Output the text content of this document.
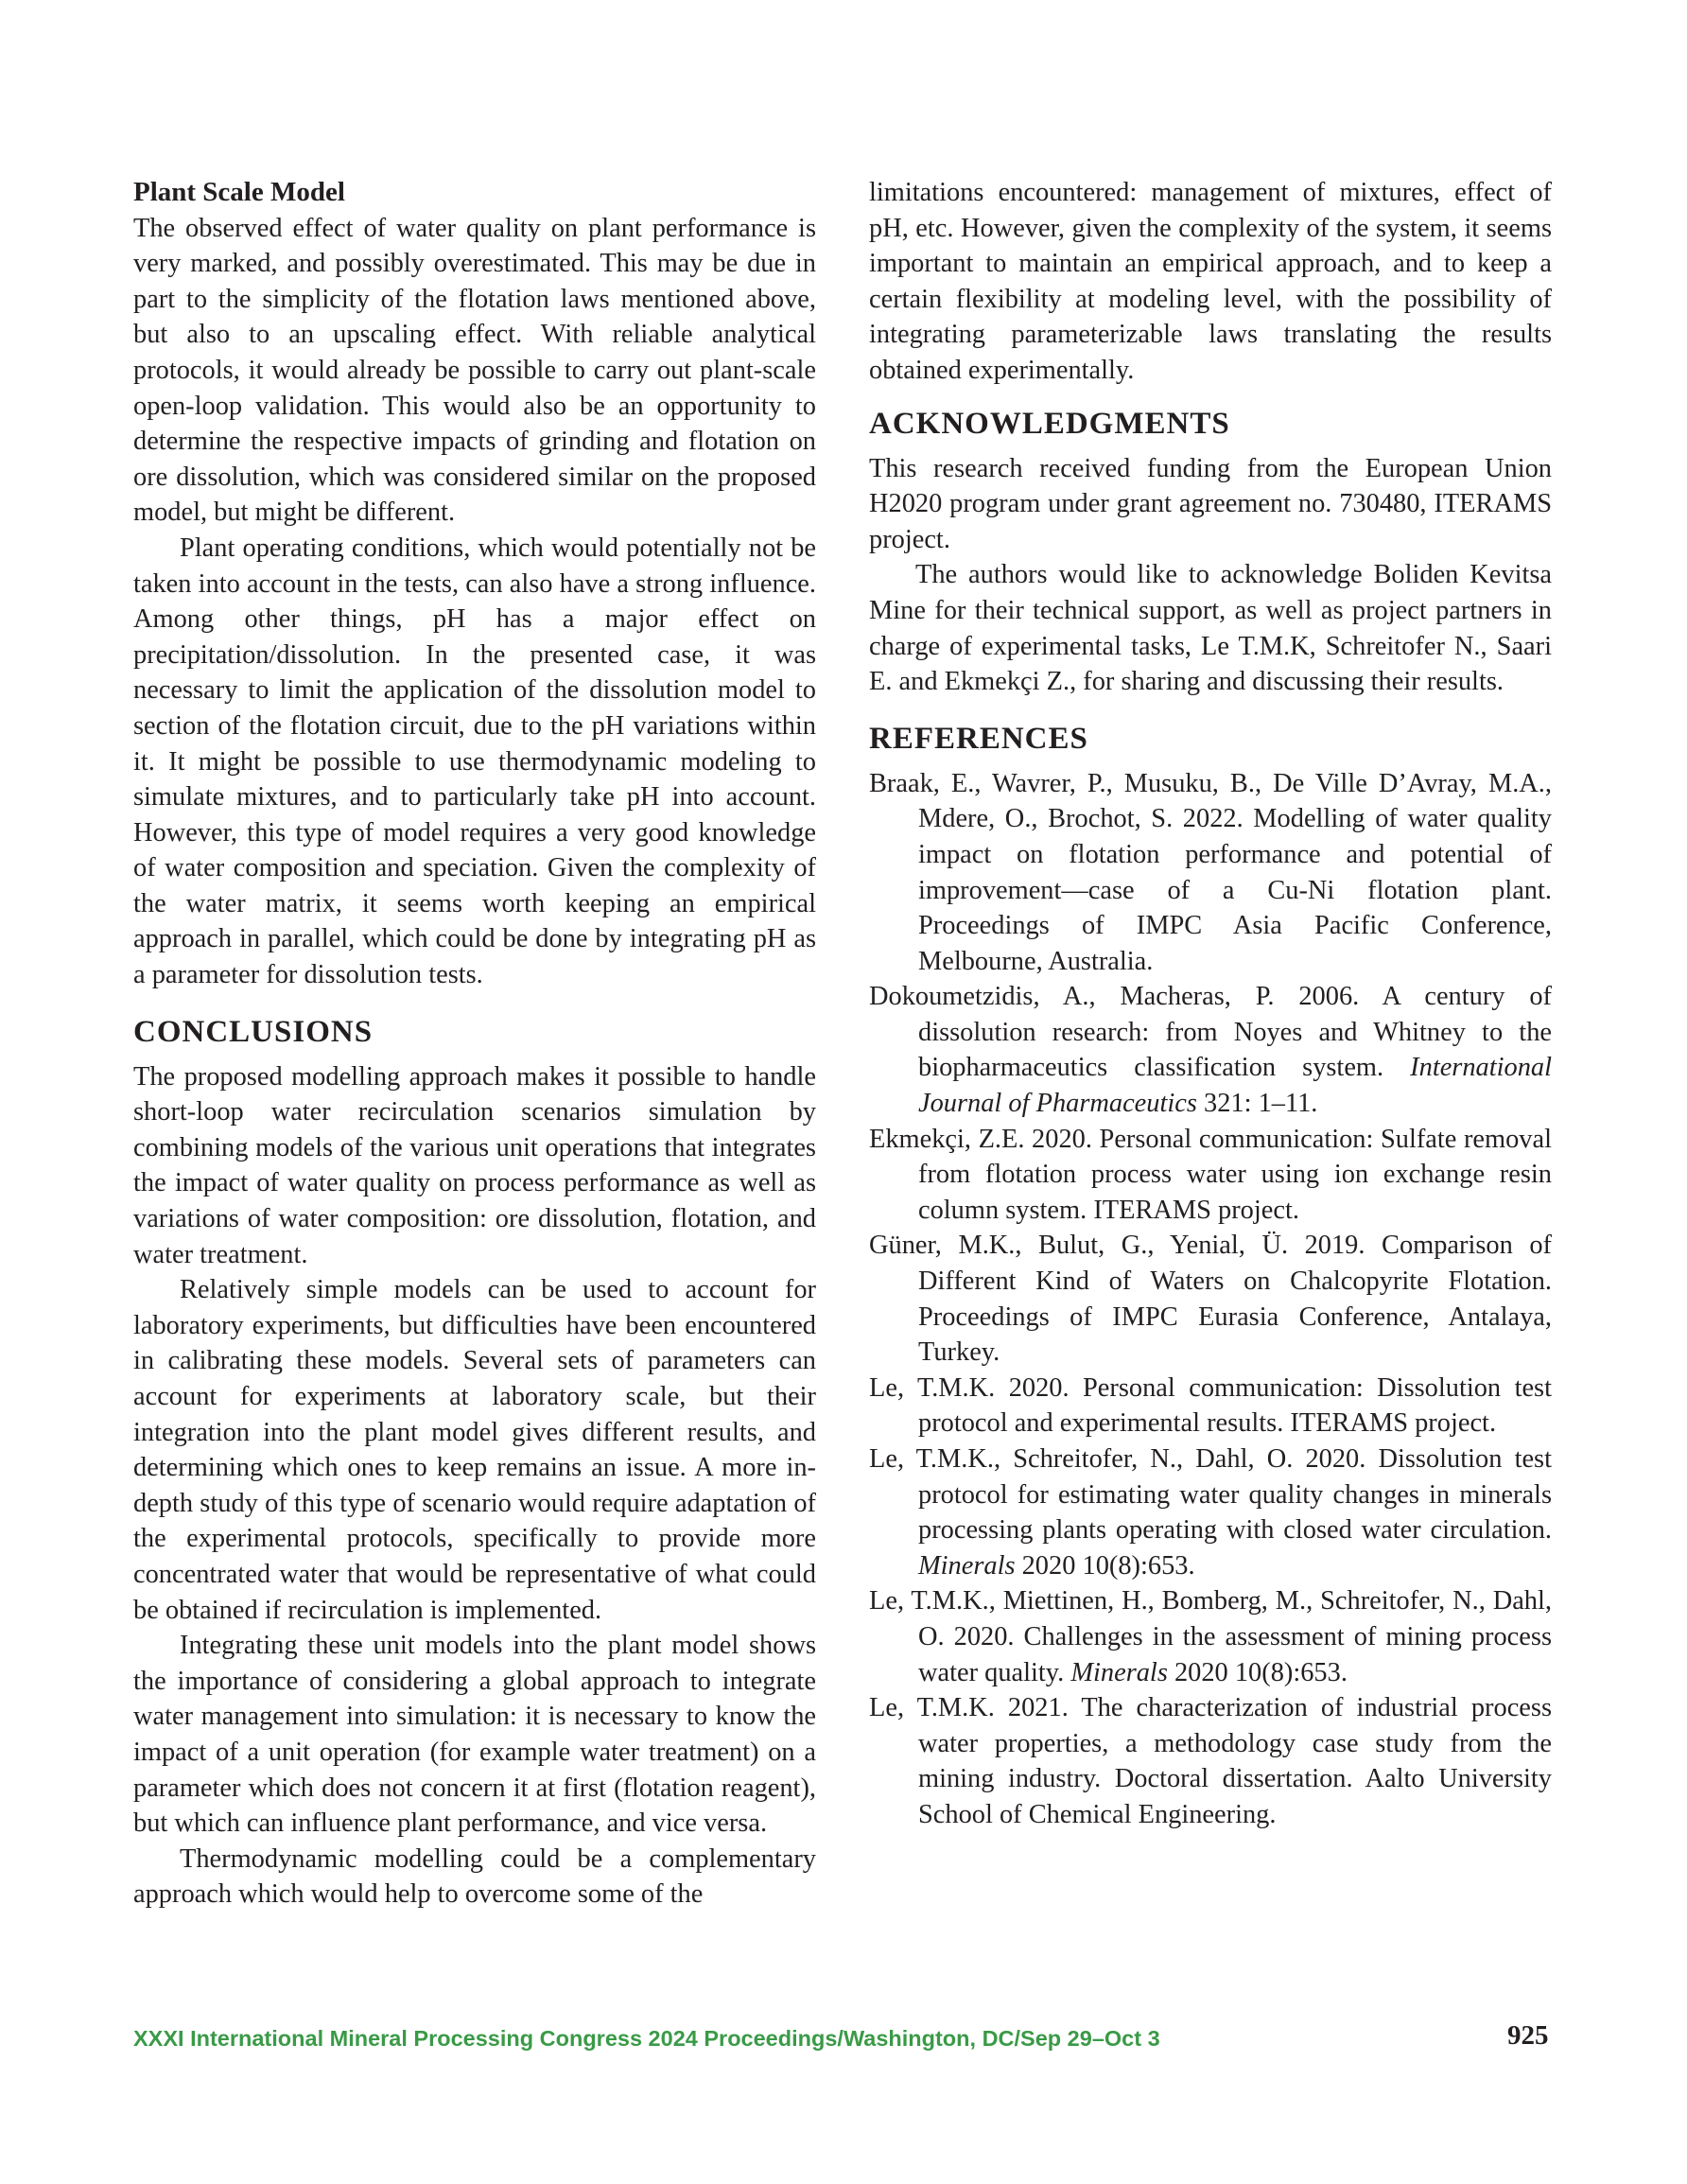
Plant Scale Model

The observed effect of water quality on plant performance is very marked, and possibly overestimated. This may be due in part to the simplicity of the flotation laws mentioned above, but also to an upscaling effect. With reliable analytical protocols, it would already be possible to carry out plant-scale open-loop validation. This would also be an opportunity to determine the respective impacts of grinding and flotation on ore dissolution, which was considered similar on the proposed model, but might be different.

Plant operating conditions, which would potentially not be taken into account in the tests, can also have a strong influence. Among other things, pH has a major effect on precipitation/dissolution. In the presented case, it was necessary to limit the application of the dissolution model to section of the flotation circuit, due to the pH variations within it. It might be possible to use thermodynamic modeling to simulate mixtures, and to particularly take pH into account. However, this type of model requires a very good knowledge of water composition and speciation. Given the complexity of the water matrix, it seems worth keeping an empirical approach in parallel, which could be done by integrating pH as a parameter for dissolution tests.

CONCLUSIONS

The proposed modelling approach makes it possible to handle short-loop water recirculation scenarios simulation by combining models of the various unit operations that integrates the impact of water quality on process performance as well as variations of water composition: ore dissolution, flotation, and water treatment.

Relatively simple models can be used to account for laboratory experiments, but difficulties have been encountered in calibrating these models. Several sets of parameters can account for experiments at laboratory scale, but their integration into the plant model gives different results, and determining which ones to keep remains an issue. A more in-depth study of this type of scenario would require adaptation of the experimental protocols, specifically to provide more concentrated water that would be representative of what could be obtained if recirculation is implemented.

Integrating these unit models into the plant model shows the importance of considering a global approach to integrate water management into simulation: it is necessary to know the impact of a unit operation (for example water treatment) on a parameter which does not concern it at first (flotation reagent), but which can influence plant performance, and vice versa.

Thermodynamic modelling could be a complementary approach which would help to overcome some of the

limitations encountered: management of mixtures, effect of pH, etc. However, given the complexity of the system, it seems important to maintain an empirical approach, and to keep a certain flexibility at modeling level, with the possibility of integrating parameterizable laws translating the results obtained experimentally.

ACKNOWLEDGMENTS

This research received funding from the European Union H2020 program under grant agreement no. 730480, ITERAMS project.

The authors would like to acknowledge Boliden Kevitsa Mine for their technical support, as well as project partners in charge of experimental tasks, Le T.M.K, Schreitofer N., Saari E. and Ekmekçi Z., for sharing and discussing their results.

REFERENCES

Braak, E., Wavrer, P., Musuku, B., De Ville D’Avray, M.A., Mdere, O., Brochot, S. 2022. Modelling of water quality impact on flotation performance and potential of improvement—case of a Cu-Ni flotation plant. Proceedings of IMPC Asia Pacific Conference, Melbourne, Australia.

Dokoumetzidis, A., Macheras, P. 2006. A century of dissolution research: from Noyes and Whitney to the biopharmaceutics classification system. International Journal of Pharmaceutics 321: 1–11.

Ekmekçi, Z.E. 2020. Personal communication: Sulfate removal from flotation process water using ion exchange resin column system. ITERAMS project.

Güner, M.K., Bulut, G., Yenial, Ü. 2019. Comparison of Different Kind of Waters on Chalcopyrite Flotation. Proceedings of IMPC Eurasia Conference, Antalaya, Turkey.

Le, T.M.K. 2020. Personal communication: Dissolution test protocol and experimental results. ITERAMS project.

Le, T.M.K., Schreitofer, N., Dahl, O. 2020. Dissolution test protocol for estimating water quality changes in minerals processing plants operating with closed water circulation. Minerals 2020 10(8):653.

Le, T.M.K., Miettinen, H., Bomberg, M., Schreitofer, N., Dahl, O. 2020. Challenges in the assessment of mining process water quality. Minerals 2020 10(8):653.

Le, T.M.K. 2021. The characterization of industrial process water properties, a methodology case study from the mining industry. Doctoral dissertation. Aalto University School of Chemical Engineering.

XXXI International Mineral Processing Congress 2024 Proceedings/Washington, DC/Sep 29–Oct 3	925
